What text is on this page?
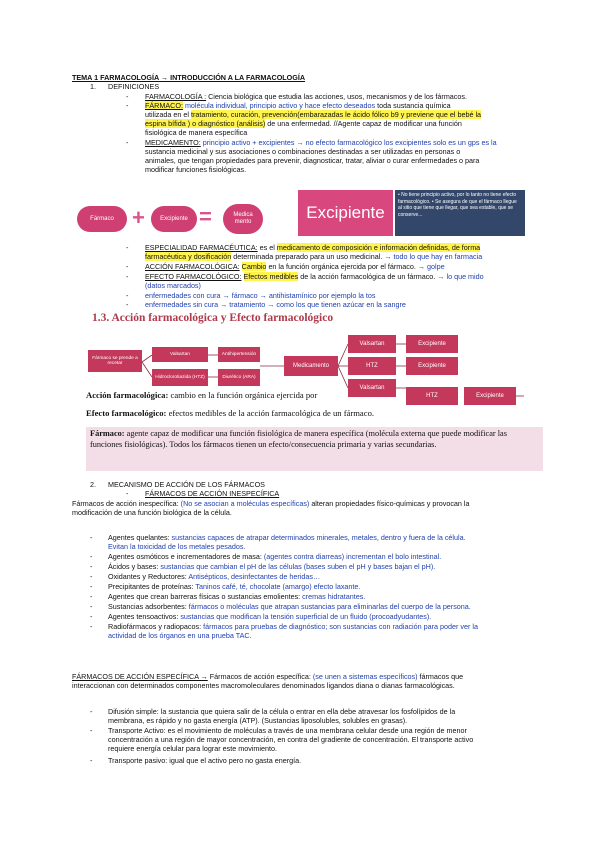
TEMA 1 FARMACOLOGÍA → INTRODUCCIÓN A LA FARMACOLOGÍA
1. DEFINICIONES
- FARMACOLOGÍA : Ciencia biológica que estudia las acciones, usos, mecanismos y de los fármacos.
- FÁRMACO: molécula individual, principio activo y hace efecto deseados toda sustancia química
utilizada en el tratamiento, curación, prevención(embarazadas le ácido fólico b9 y previene que el bebé la
espina bífida ) o diagnóstico (análisis) de una enfermedad. //Agente capaz de modificar una función
fisiológica de manera específica
- MEDICAMENTO: principio activo + excipientes → no efecto farmacológico los excipientes solo es un gps es la
sustancia medicinal y sus asociaciones o combinaciones destinadas a ser utilizadas en personas o
animales, que tengan propiedades para prevenir, diagnosticar, tratar, aliviar o curar enfermedades o para
modificar funciones fisiológicas.
Fármaco +	Excipiente =	Medica mento	Excipiente
• No tiene principio activo, por lo tanto no tiene efecto farmacológico. • Se asegura de que el fármaco llegue al sitio que tiene que llegar, que sea estable, que se conserve...
- ESPECIALIDAD FARMACÉUTICA: es el medicamento de composición e información definidas, de forma
farmacéutica y dosificación determinada preparado para un uso medicinal. → todo lo que hay en farmacia
- ACCIÓN FARMACOLÓGICA: Cambio en la función orgánica ejercida por el fármaco. → golpe
- EFECTO FARMACOLÓGICO: Efectos medibles de la acción farmacológica de un fármaco. → lo que mido
(datos marcados)
- enfermedades con cura → fármaco → antihistamínico por ejemplo la tos
- enfermedades sin cura → tratamiento → como los que tienen azúcar en la sangre
1.3. Acción farmacológica y Efecto farmacológico
Fármaco se prende a recetar
Valsartan
Hidroclorotiazida (HTZ)
Antihipertensión
Diurético (ARA)
Medicamento
Valsartan
HTZ
Valsartan
Excipiente
Excipiente
HTZ	Excipiente
Acción farmacológica: cambio en la función orgánica ejercida por
Efecto farmacológico: efectos medibles de la acción farmacológica de un fármaco.
Fármaco: agente capaz de modificar una función fisiológica de manera específica (molécula externa que puede modificar las funciones fisiológicas). Todos los fármacos tienen un efecto/consecuencia primaria y varias secundarias.
2. MECANISMO DE ACCIÓN DE LOS FÁRMACOS
- FÁRMACOS DE ACCIÓN INESPECÍFICA
Fármacos de acción inespecífica: (No se asocian a moléculas específicas) alteran propiedades físico-químicas y provocan la
modificación de una función biológica de la célula.
- Agentes quelantes: sustancias capaces de atrapar determinados minerales, metales, dentro y fuera de la célula.
Evitan la toxicidad de los metales pesados.
- Agentes osmóticos e incrementadores de masa: (agentes contra diarreas) incrementan el bolo intestinal.
- Ácidos y bases: sustancias que cambian el pH de las células (bases suben el pH y bases bajan el pH).
- Oxidantes y Reductores: Antisépticos, desinfectantes de heridas…
- Precipitantes de proteínas: Taninos café, té, chocolate (amargo) efecto laxante.
- Agentes que crean barreras físicas o sustancias emolientes: cremas hidratantes.
- Sustancias adsorbentes: fármacos o moléculas que atrapan sustancias para eliminarlas del cuerpo de la persona.
- Agentes tensoactivos: sustancias que modifican la tensión superficial de un fluido (procoadyudantes).
- Radiofármacos y radiopacos: fármacos para pruebas de diagnóstico; son sustancias con radiación para poder ver la
actividad de los órganos en una prueba TAC.
FÁRMACOS DE ACCIÓN ESPECÍFICA → Fármacos de acción específica: (se unen a sistemas específicos) fármacos que
interaccionan con determinados componentes macromoleculares denominados ligandos diana o dianas farmacológicas.
- Difusión simple: la sustancia que quiera salir de la célula o entrar en ella debe atravesar los fosfolípidos de la
membrana, es rápido y no gasta energía (ATP). (Sustancias liposolubles, solubles en grasas).
- Transporte Activo: es el movimiento de moléculas a través de una membrana celular desde una región de menor
concentración a una región de mayor concentración, en contra del gradiente de concentración. El transporte activo
requiere energía celular para lograr este movimiento.
- Transporte pasivo: igual que el activo pero no gasta energía.
